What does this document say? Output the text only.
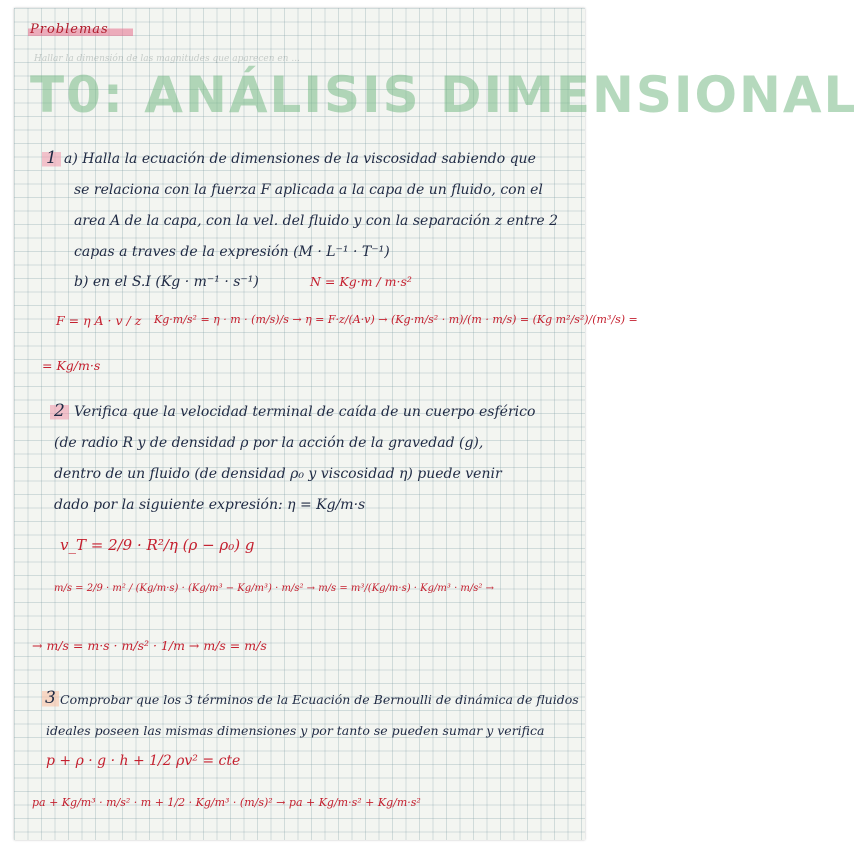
Problemas
Hallar la dimensión de las magnitudes que aparecen en ...
T0: ANÁLISIS DIMENSIONAL
1 a) Halla la ecuación de dimensiones de la viscosidad sabiendo que
se relaciona con la fuerza F aplicada a la capa de un fluido, con el
area A de la capa, con la vel. del fluido y con la separación z entre 2
capas a traves de la expresión (M · L⁻¹ · T⁻¹)
b) en el S.I (Kg · m⁻¹ · s⁻¹)	N = Kg·m / m·s²
F = η A · v / z Kg·m/s² = η · m · (m/s)/s → η = F·z/(A·v) → (Kg·m/s² · m)/(m · m/s) = (Kg m²/s²)/(m³/s) =
= Kg/m·s
2 Verifica que la velocidad terminal de caída de un cuerpo esférico
(de radio R y de densidad ρ por la acción de la gravedad (g),
dentro de un fluido (de densidad ρ₀ y viscosidad η) puede venir
dado por la siguiente expresión: η = Kg/m·s
v_T = 2/9 · R²/η (ρ − ρ₀) g
m/s = 2/9 · m² / (Kg/m·s) · (Kg/m³ − Kg/m³) · m/s² → m/s = m³/(Kg/m·s) · Kg/m³ · m/s² →
→ m/s = m·s · m/s² · 1/m → m/s = m/s
3 Comprobar que los 3 términos de la Ecuación de Bernoulli de dinámica de fluidos
ideales poseen las mismas dimensiones y por tanto se pueden sumar y verifica
p + ρ · g · h + 1/2 ρv² = cte
pa + Kg/m³ · m/s² · m + 1/2 · Kg/m³ · (m/s)² → pa + Kg/m·s² + Kg/m·s²
